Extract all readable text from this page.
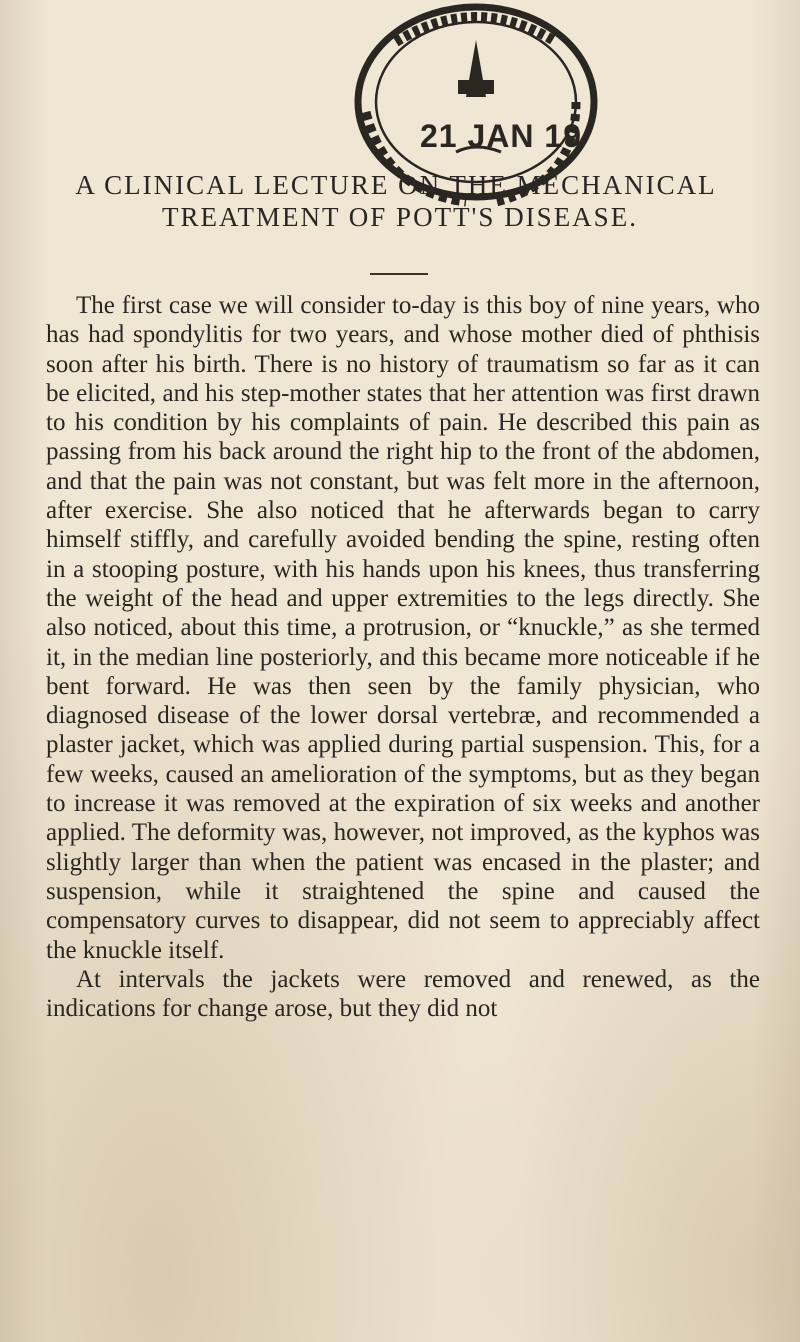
21 JAN 19
A CLINICAL LECTURE ON THE MECHANICAL
TREATMENT OF POTT'S DISEASE.

The first case we will consider to-day is this boy of nine years, who has had spondylitis for two years, and whose mother died of phthisis soon after his birth. There is no history of traumatism so far as it can be elicited, and his step-mother states that her attention was first drawn to his condition by his complaints of pain. He described this pain as passing from his back around the right hip to the front of the abdomen, and that the pain was not constant, but was felt more in the afternoon, after exercise. She also noticed that he afterwards began to carry himself stiffly, and carefully avoided bending the spine, resting often in a stooping posture, with his hands upon his knees, thus transferring the weight of the head and upper extremities to the legs directly. She also noticed, about this time, a protrusion, or “knuckle,” as she termed it, in the median line posteriorly, and this became more noticeable if he bent forward. He was then seen by the family physician, who diagnosed disease of the lower dorsal vertebræ, and recommended a plaster jacket, which was applied during partial suspension. This, for a few weeks, caused an amelioration of the symptoms, but as they began to increase it was removed at the expiration of six weeks and another applied. The deformity was, however, not improved, as the kyphos was slightly larger than when the patient was encased in the plaster; and suspension, while it straightened the spine and caused the compensatory curves to disappear, did not seem to appreciably affect the knuckle itself.

At intervals the jackets were removed and renewed, as the indications for change arose, but they did not
